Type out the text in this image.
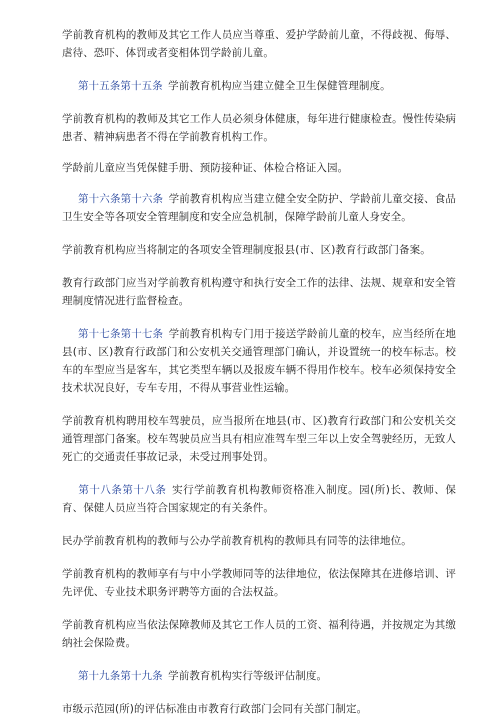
学前教育机构的教师及其它工作人员应当尊重、爱护学龄前儿童，不得歧视、侮辱、虐待、恐吓、体罚或者变相体罚学龄前儿童。

  第十五条第十五条  学前教育机构应当建立健全卫生保健管理制度。

学前教育机构的教师及其它工作人员必须身体健康，每年进行健康检查。慢性传染病患者、精神病患者不得在学前教育机构工作。

学龄前儿童应当凭保健手册、预防接种证、体检合格证入园。

  第十六条第十六条  学前教育机构应当建立健全安全防护、学龄前儿童交接、食品卫生安全等各项安全管理制度和安全应急机制，保障学龄前儿童人身安全。

学前教育机构应当将制定的各项安全管理制度报县(市、区)教育行政部门备案。

教育行政部门应当对学前教育机构遵守和执行安全工作的法律、法规、规章和安全管理制度情况进行监督检查。

  第十七条第十七条  学前教育机构专门用于接送学龄前儿童的校车，应当经所在地县(市、区)教育行政部门和公安机关交通管理部门确认，并设置统一的校车标志。校车的车型应当是客车，其它类型车辆以及报废车辆不得用作校车。校车必须保持安全技术状况良好，专车专用，不得从事营业性运输。

学前教育机构聘用校车驾驶员，应当报所在地县(市、区)教育行政部门和公安机关交通管理部门备案。校车驾驶员应当具有相应准驾车型三年以上安全驾驶经历，无致人死亡的交通责任事故记录，未受过刑事处罚。

  第十八条第十八条  实行学前教育机构教师资格准入制度。园(所)长、教师、保育、保健人员应当符合国家规定的有关条件。

民办学前教育机构的教师与公办学前教育机构的教师具有同等的法律地位。

学前教育机构的教师享有与中小学教师同等的法律地位，依法保障其在进修培训、评先评优、专业技术职务评聘等方面的合法权益。

学前教育机构应当依法保障教师及其它工作人员的工资、福利待遇，并按规定为其缴纳社会保险费。

  第十九条第十九条  学前教育机构实行等级评估制度。

市级示范园(所)的评估标准由市教育行政部门会同有关部门制定。
